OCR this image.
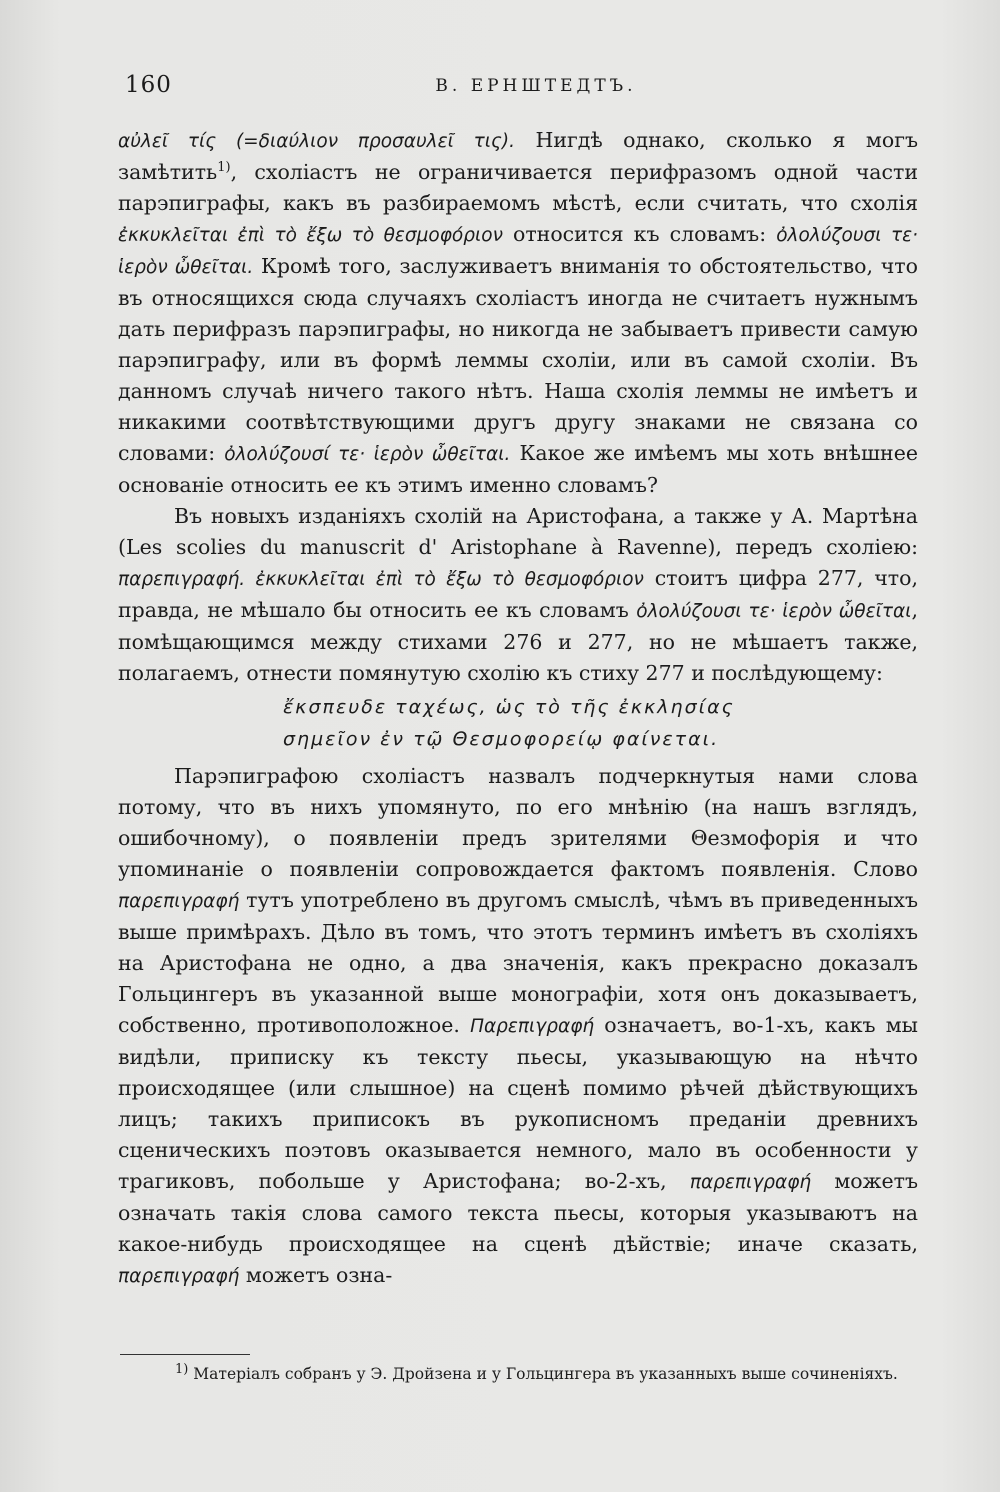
160	В. ЕРНШТЕДТЪ.

αὐλεῖ τίς (=διαύλιον προσαυλεῖ τις). Нигдѣ однако, сколько я могъ замѣтить$^{1)}$, схоліастъ не ограничивается перифразомъ одной части парэпиграфы, какъ въ разбираемомъ мѣстѣ, если считать, что схолія ἐκκυκλεῖται ἐπὶ τὸ ἔξω τὸ θεσμοφόριον относится къ словамъ: ὀλολύζουσι τε· ἱερὸν ὦθεῖται. Кромѣ того, заслуживаетъ вниманія то обстоятельство, что въ относящихся сюда случаяхъ схоліастъ иногда не считаетъ нужнымъ дать перифразъ парэпиграфы, но никогда не забываетъ привести самую парэпиграфу, или въ формѣ леммы схоліи, или въ самой схоліи. Въ данномъ случаѣ ничего такого нѣтъ. Наша схолія леммы не имѣетъ и никакими соотвѣтствующими другъ другу знаками не связана со словами: ὀλολύζουσί τε· ἱερὸν ὦθεῖται. Какое же имѣемъ мы хоть внѣшнее основаніе относить ее къ этимъ именно словамъ?

Въ новыхъ изданіяхъ схолій на Аристофана, а также у А. Мартѣна (Les scolies du manuscrit d' Aristophane à Ravenne), передъ схоліею: παρεπιγραφή. ἐκκυκλεῖται ἐπὶ τὸ ἔξω τὸ θεσμοφόριον стоитъ цифра 277, что, правда, не мѣшало бы относить ее къ словамъ ὀλολύζουσι τε· ἱερὸν ὦθεῖται, помѣщающимся между стихами 276 и 277, но не мѣшаетъ также, полагаемъ, отнести помянутую схолію къ стиху 277 и послѣдующему:

ἔκσπευδε ταχέως, ὡς τὸ τῆς ἐκκλησίας
σημεῖον ἐν τῷ Θεσμοφορείῳ φαίνεται.

Парэпиграфою схоліастъ назвалъ подчеркнутыя нами слова потому, что въ нихъ упомянуто, по его мнѣнію (на нашъ взглядъ, ошибочному), о появленіи предъ зрителями Θезмофорія и что упоминаніе о появленіи сопровождается фактомъ появленія. Слово παρεπιγραφή тутъ употреблено въ другомъ смыслѣ, чѣмъ въ приведенныхъ выше примѣрахъ. Дѣло въ томъ, что этотъ терминъ имѣетъ въ схоліяхъ на Аристофана не одно, а два значенія, какъ прекрасно доказалъ Гольцингеръ въ указанной выше монографіи, хотя онъ доказываетъ, собственно, противоположное. Παρεπιγραφή означаетъ, во-1-хъ, какъ мы видѣли, приписку къ тексту пьесы, указывающую на нѣчто происходящее (или слышное) на сценѣ помимо рѣчей дѣйствующихъ лицъ; такихъ приписокъ въ рукописномъ преданіи древнихъ сценическихъ поэтовъ оказывается немного, мало въ особенности у трагиковъ, побольше у Аристофана; во-2-хъ, παρεπιγραφή можетъ означать такія слова самого текста пьесы, которыя указываютъ на какое-нибудь происходящее на сценѣ дѣйствіе; иначе сказать, παρεπιγραφή можетъ озна-

$^{1)}$ Матеріалъ собранъ у Э. Дройзена и у Гольцингера въ указанныхъ выше сочиненіяхъ.
